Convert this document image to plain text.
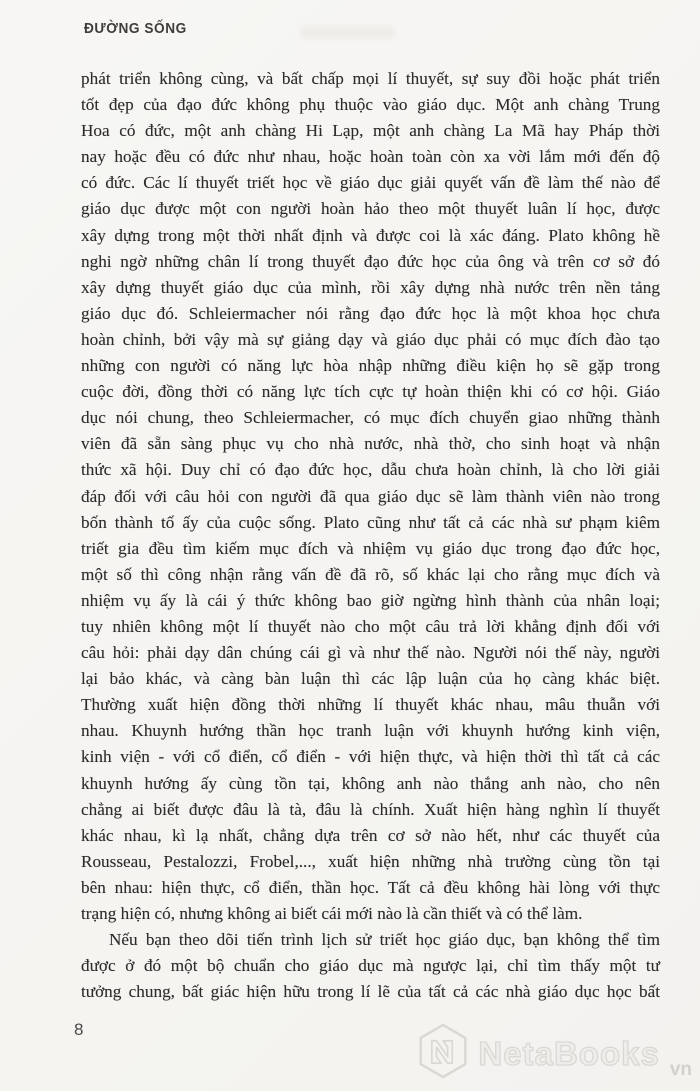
ĐƯỜNG SỐNG
phát triển không cùng, và bất chấp mọi lí thuyết, sự suy đồi hoặc phát triển
tốt đẹp của đạo đức không phụ thuộc vào giáo dục. Một anh chàng Trung
Hoa có đức, một anh chàng Hi Lạp, một anh chàng La Mã hay Pháp thời
nay hoặc đều có đức như nhau, hoặc hoàn toàn còn xa vời lắm mới đến độ
có đức. Các lí thuyết triết học về giáo dục giải quyết vấn đề làm thế nào để
giáo dục được một con người hoàn hảo theo một thuyết luân lí học, được
xây dựng trong một thời nhất định và được coi là xác đáng. Plato không hề
nghi ngờ những chân lí trong thuyết đạo đức học của ông và trên cơ sở đó
xây dựng thuyết giáo dục của mình, rồi xây dựng nhà nước trên nền tảng
giáo dục đó. Schleiermacher nói rằng đạo đức học là một khoa học chưa
hoàn chỉnh, bởi vậy mà sự giảng dạy và giáo dục phải có mục đích đào tạo
những con người có năng lực hòa nhập những điều kiện họ sẽ gặp trong
cuộc đời, đồng thời có năng lực tích cực tự hoàn thiện khi có cơ hội. Giáo
dục nói chung, theo Schleiermacher, có mục đích chuyển giao những thành
viên đã sẵn sàng phục vụ cho nhà nước, nhà thờ, cho sinh hoạt và nhận
thức xã hội. Duy chỉ có đạo đức học, dẫu chưa hoàn chỉnh, là cho lời giải
đáp đối với câu hỏi con người đã qua giáo dục sẽ làm thành viên nào trong
bốn thành tố ấy của cuộc sống. Plato cũng như tất cả các nhà sư phạm kiêm
triết gia đều tìm kiếm mục đích và nhiệm vụ giáo dục trong đạo đức học,
một số thì công nhận rằng vấn đề đã rõ, số khác lại cho rằng mục đích và
nhiệm vụ ấy là cái ý thức không bao giờ ngừng hình thành của nhân loại;
tuy nhiên không một lí thuyết nào cho một câu trả lời khẳng định đối với
câu hỏi: phải dạy dân chúng cái gì và như thế nào. Người nói thế này, người
lại bảo khác, và càng bàn luận thì các lập luận của họ càng khác biệt.
Thường xuất hiện đồng thời những lí thuyết khác nhau, mâu thuẫn với
nhau. Khuynh hướng thần học tranh luận với khuynh hướng kinh viện,
kinh viện - với cổ điển, cổ điển - với hiện thực, và hiện thời thì tất cả các
khuynh hướng ấy cùng tồn tại, không anh nào thắng anh nào, cho nên
chẳng ai biết được đâu là tà, đâu là chính. Xuất hiện hàng nghìn lí thuyết
khác nhau, kì lạ nhất, chẳng dựa trên cơ sở nào hết, như các thuyết của
Rousseau, Pestalozzi, Frobel,..., xuất hiện những nhà trường cùng tồn tại
bên nhau: hiện thực, cổ điển, thần học. Tất cả đều không hài lòng với thực
trạng hiện có, nhưng không ai biết cái mới nào là cần thiết và có thể làm.
Nếu bạn theo dõi tiến trình lịch sử triết học giáo dục, bạn không thể tìm
được ở đó một bộ chuẩn cho giáo dục mà ngược lại, chỉ tìm thấy một tư
tưởng chung, bất giác hiện hữu trong lí lẽ của tất cả các nhà giáo dục học bất
8
NetaBooks vn
